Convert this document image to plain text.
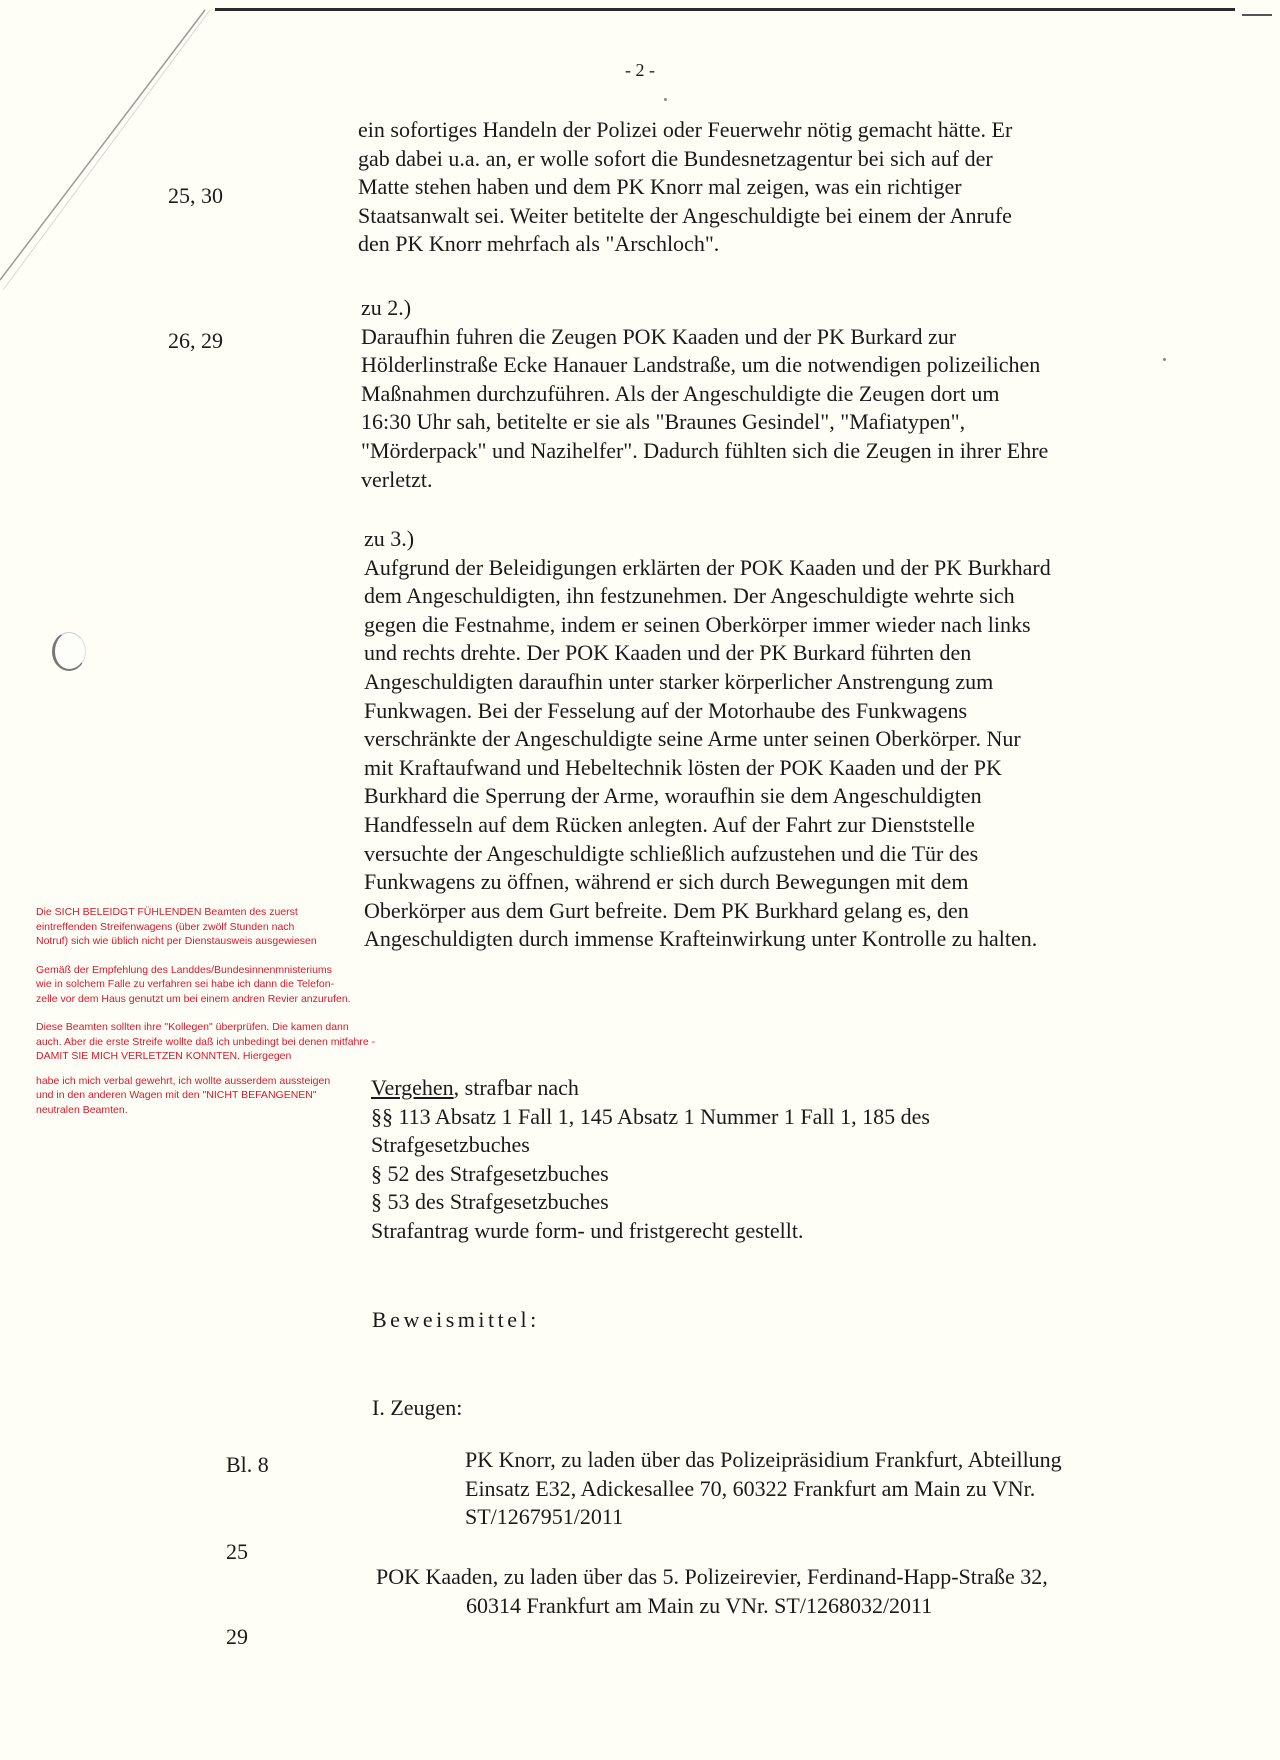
- 2 -
25, 30

ein sofortiges Handeln der Polizei oder Feuerwehr nötig gemacht hätte. Er

gab dabei u.a. an, er wolle sofort die Bundesnetzagentur bei sich auf der

Matte stehen haben und dem PK Knorr mal zeigen, was ein richtiger

Staatsanwalt sei. Weiter betitelte der Angeschuldigte bei einem der Anrufe

den PK Knorr mehrfach als "Arschloch".

26, 29

zu 2.)

Daraufhin fuhren die Zeugen POK Kaaden und der PK Burkard zur

Hölderlinstraße Ecke Hanauer Landstraße, um die notwendigen polizeilichen

Maßnahmen durchzuführen. Als der Angeschuldigte die Zeugen dort um

16:30 Uhr sah, betitelte er sie als "Braunes Gesindel", "Mafiatypen",

"Mörderpack" und Nazihelfer". Dadurch fühlten sich die Zeugen in ihrer Ehre

verletzt.

zu 3.)

Aufgrund der Beleidigungen erklärten der POK Kaaden und der PK Burkhard

dem Angeschuldigten, ihn festzunehmen. Der Angeschuldigte wehrte sich

gegen die Festnahme, indem er seinen Oberkörper immer wieder nach links

und rechts drehte. Der POK Kaaden und der PK Burkard führten den

Angeschuldigten daraufhin unter starker körperlicher Anstrengung zum

Funkwagen. Bei der Fesselung auf der Motorhaube des Funkwagens

verschränkte der Angeschuldigte seine Arme unter seinen Oberkörper. Nur

mit Kraftaufwand und Hebeltechnik lösten der POK Kaaden und der PK

Burkhard die Sperrung der Arme, woraufhin sie dem Angeschuldigten

Handfesseln auf dem Rücken anlegten. Auf der Fahrt zur Dienststelle

versuchte der Angeschuldigte schließlich aufzustehen und die Tür des

Funkwagens zu öffnen, während er sich durch Bewegungen mit dem

Oberkörper aus dem Gurt befreite. Dem PK Burkhard gelang es, den

Angeschuldigten durch immense Krafteinwirkung unter Kontrolle zu halten.

Die SICH BELEIDGT FÜHLENDEN Beamten des zuerst

eintreffenden Streifenwagens (über zwölf Stunden nach

Notruf) sich wie üblich nicht per Dienstausweis ausgewiesen

Gemäß der Empfehlung des Landdes/Bundesinnenmnisteriums

wie in solchem Falle zu verfahren sei habe ich dann die Telefon-

zelle vor dem Haus genutzt um bei einem andren Revier anzurufen.

Diese Beamten sollten ihre "Kollegen" überprüfen. Die kamen dann

auch. Aber die erste Streife wollte daß ich unbedingt bei denen mitfahre -

DAMIT SIE MICH VERLETZEN KONNTEN. Hiergegen

habe ich mich verbal gewehrt, ich wollte ausserdem aussteigen

und in den anderen Wagen mit den "NICHT BEFANGENEN"

neutralen Beamten.

Vergehen, strafbar nach

§§ 113 Absatz 1 Fall 1, 145 Absatz 1 Nummer 1 Fall 1, 185 des

Strafgesetzbuches

§ 52 des Strafgesetzbuches

§ 53 des Strafgesetzbuches

Strafantrag wurde form- und fristgerecht gestellt.

Beweismittel:
I. Zeugen:
Bl. 8	PK Knorr, zu laden über das Polizeipräsidium Frankfurt, Abteillung

Einsatz E32, Adickesallee 70, 60322 Frankfurt am Main zu VNr.

ST/1267951/2011

25

POK Kaaden, zu laden über das 5. Polizeirevier, Ferdinand-Happ-Straße 32,

60314 Frankfurt am Main zu VNr. ST/1268032/2011

29
